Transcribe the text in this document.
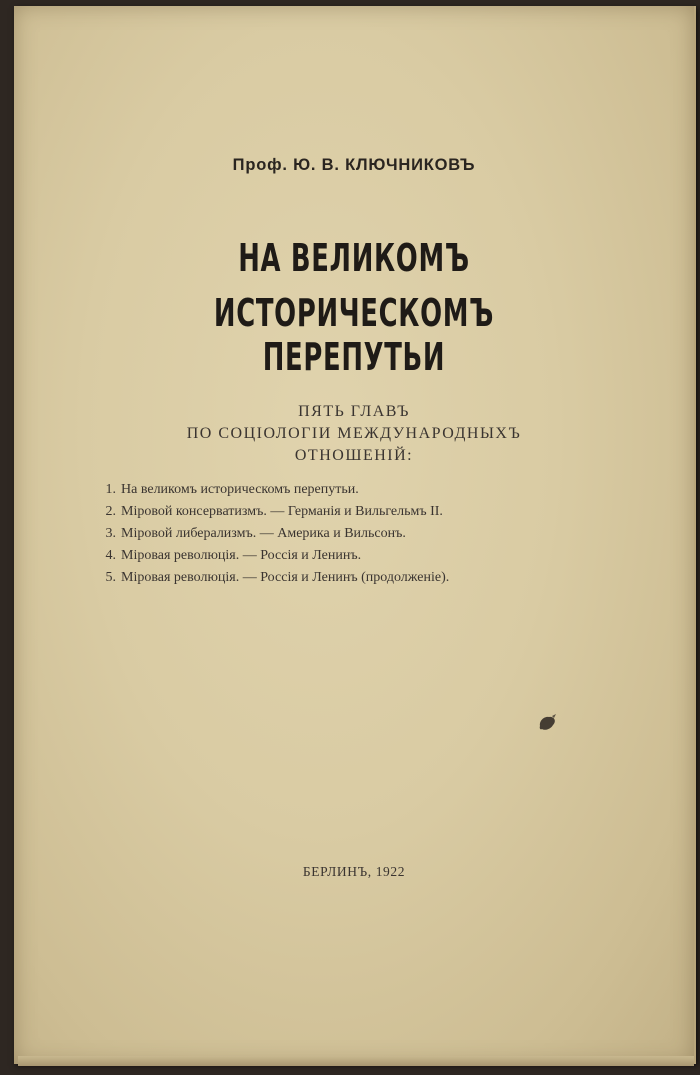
Проф. Ю. В. КЛЮЧНИКОВЪ
НА ВЕЛИКОМЪ
ИСТОРИЧЕСКОМЪ ПЕРЕПУТЬИ
ПЯТЬ ГЛАВЪ
ПО СОЦIОЛОГIИ МЕЖДУНАРОДНЫХЪ
ОТНОШЕНIЙ:
1. На великомъ историческомъ перепутьи.
2. Мiровой консерватизмъ. — Германiя и Вильгельмъ II.
3. Мiровой либерализмъ. — Америка и Вильсонъ.
4. Мiровая революцiя. — Россiя и Ленинъ.
5. Мiровая революцiя. — Россiя и Ленинъ (продолженiе).
БЕРЛИНЪ, 1922
